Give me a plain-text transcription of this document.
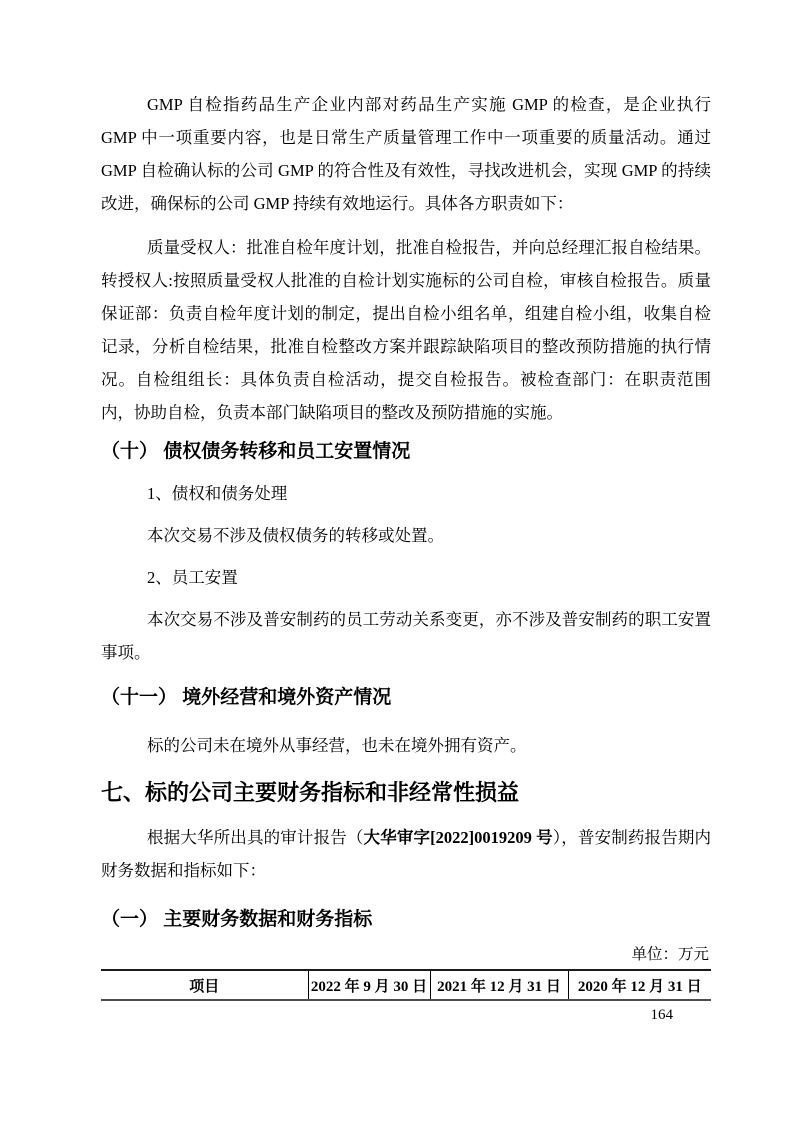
GMP 自检指药品生产企业内部对药品生产实施 GMP 的检查，是企业执行 GMP 中一项重要内容，也是日常生产质量管理工作中一项重要的质量活动。通过 GMP 自检确认标的公司 GMP 的符合性及有效性，寻找改进机会，实现 GMP 的持续改进，确保标的公司 GMP 持续有效地运行。具体各方职责如下：

质量受权人：批准自检年度计划，批准自检报告，并向总经理汇报自检结果。转授权人:按照质量受权人批准的自检计划实施标的公司自检，审核自检报告。质量保证部：负责自检年度计划的制定，提出自检小组名单，组建自检小组，收集自检记录，分析自检结果，批准自检整改方案并跟踪缺陷项目的整改预防措施的执行情况。自检组组长：具体负责自检活动，提交自检报告。被检查部门：在职责范围内，协助自检，负责本部门缺陷项目的整改及预防措施的实施。

（十） 债权债务转移和员工安置情况

1、债权和债务处理

本次交易不涉及债权债务的转移或处置。

2、员工安置

本次交易不涉及普安制药的员工劳动关系变更，亦不涉及普安制药的职工安置事项。

（十一） 境外经营和境外资产情况

标的公司未在境外从事经营，也未在境外拥有资产。

七、标的公司主要财务指标和非经常性损益

根据大华所出具的审计报告（大华审字[2022]0019209 号），普安制药报告期内财务数据和指标如下：

（一） 主要财务数据和财务指标
单位：万元
项目	2022 年 9 月 30 日	2021 年 12 月 31 日	2020 年 12 月 31 日
164
